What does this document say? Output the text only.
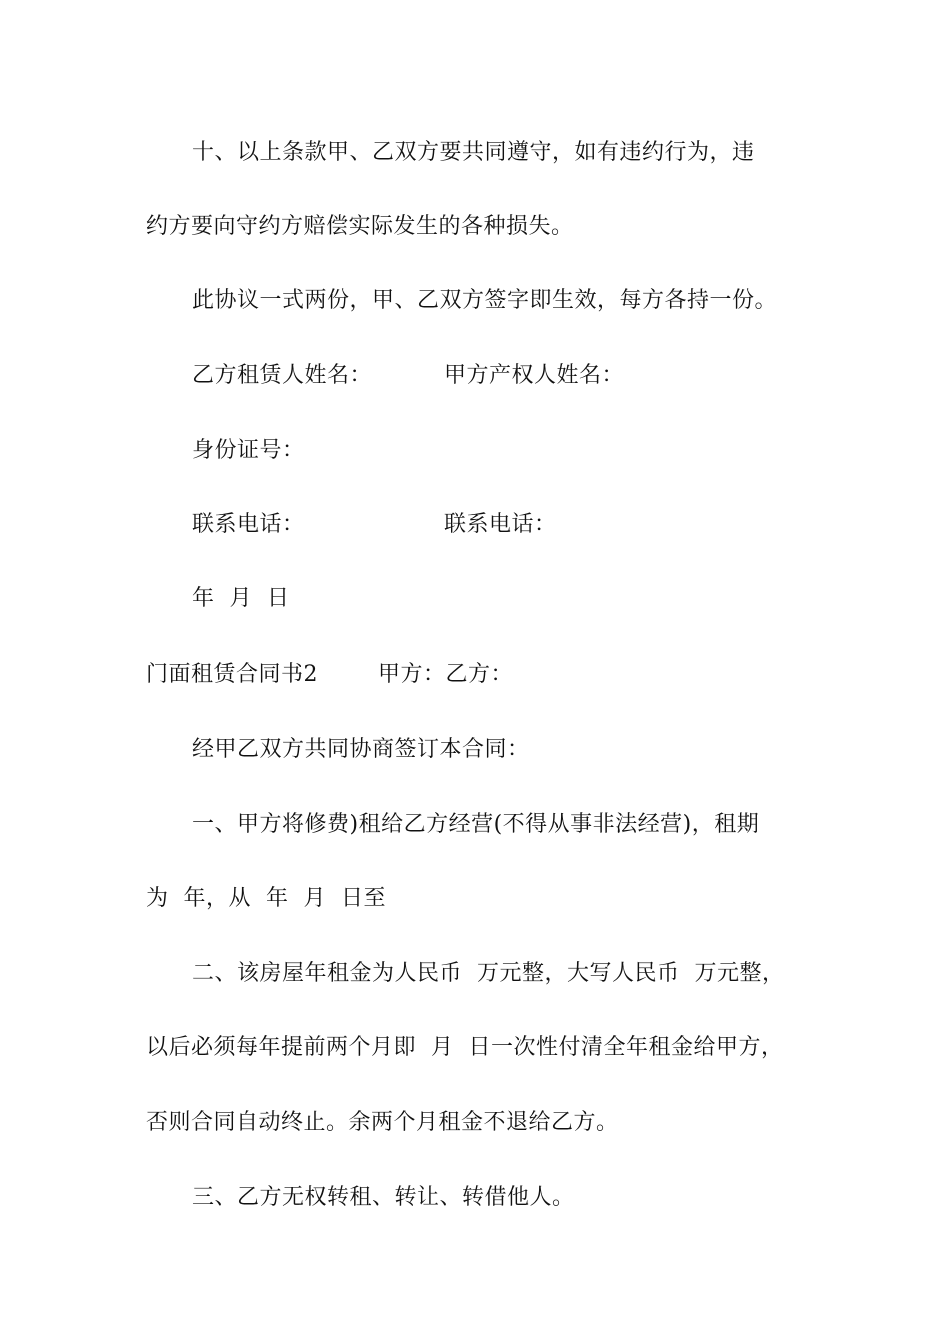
十、以上条款甲、乙双方要共同遵守，如有违约行为，违
约方要向守约方赔偿实际发生的各种损失。
此协议一式两份，甲、乙双方签字即生效，每方各持一份。
乙方租赁人姓名：	甲方产权人姓名：
身份证号：
联系电话：	联系电话：
年  月  日
门面租赁合同书2	甲方：乙方：
经甲乙双方共同协商签订本合同：
一、甲方将修费)租给乙方经营(不得从事非法经营)，租期
为  年，从  年  月  日至
二、该房屋年租金为人民币  万元整，大写人民币  万元整，
以后必须每年提前两个月即  月  日一次性付清全年租金给甲方，
否则合同自动终止。余两个月租金不退给乙方。
三、乙方无权转租、转让、转借他人。
